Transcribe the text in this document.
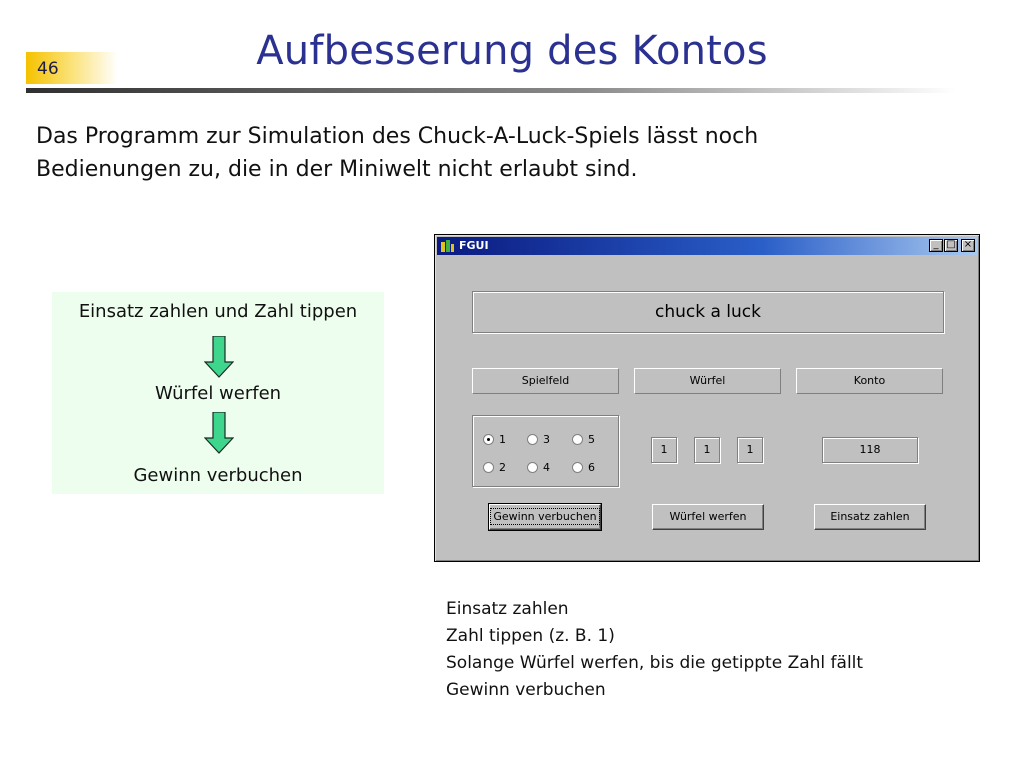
46	Aufbesserung des Kontos
Das Programm zur Simulation des Chuck-A-Luck-Spiels lässt noch
Bedienungen zu, die in der Miniwelt nicht erlaubt sind.
Einsatz zahlen und Zahl tippen
Würfel werfen
Gewinn verbuchen
FGUI	_ □ ×
chuck a luck
Spielfeld	Würfel	Konto
1
2
3
4
5
6
1	1	1	118
Gewinn verbuchen	Würfel werfen	Einsatz zahlen
Einsatz zahlen
Zahl tippen (z. B. 1)
Solange Würfel werfen, bis die getippte Zahl fällt
Gewinn verbuchen
